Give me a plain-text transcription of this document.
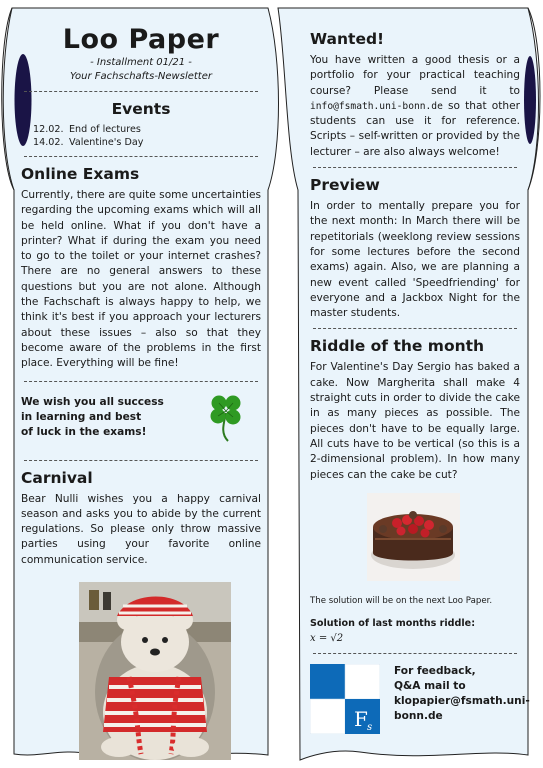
Loo Paper
- Installment 01/21 -
Your Fachschafts-Newsletter
Events
12.02. End of lectures
14.02. Valentine's Day
Online Exams

Currently, there are quite some uncertainties regarding the upcoming exams which will all be held online. What if you don't have a printer? What if during the exam you need to go to the toilet or your internet crashes? There are no general answers to these questions but you are not alone. Although the Fachschaft is always happy to help, we think it's best if you approach your lecturers about these issues – also so that they become aware of the problems in the first place. Everything will be fine!

We wish you all success
in learning and best
of luck in the exams!
Carnival

Bear Nulli wishes you a happy carnival season and asks you to abide by the current regulations. So please only throw massive parties using your favorite online communication service.

Wanted!

You have written a good thesis or a portfolio for your practical teaching course? Please send it to info@fsmath.uni-bonn.de so that other students can use it for reference. Scripts – self-written or provided by the lecturer – are also always welcome!

Preview

In order to mentally prepare you for the next month: In March there will be repetitorials (weeklong review sessions for some lectures before the second exams) again. Also, we are planning a new event called 'Speedfriending' for everyone and a Jackbox Night for the master students.

Riddle of the month

For Valentine's Day Sergio has baked a cake. Now Margherita shall make 4 straight cuts in order to divide the cake in as many pieces as possible. The pieces don't have to be equally large. All cuts have to be vertical (so this is a 2-dimensional problem). In how many pieces can the cake be cut?

The solution will be on the next Loo Paper.
Solution of last months riddle:
x = √2
F s
For feedback,
Q&A mail to
klopapier@fsmath.uni-
bonn.de
